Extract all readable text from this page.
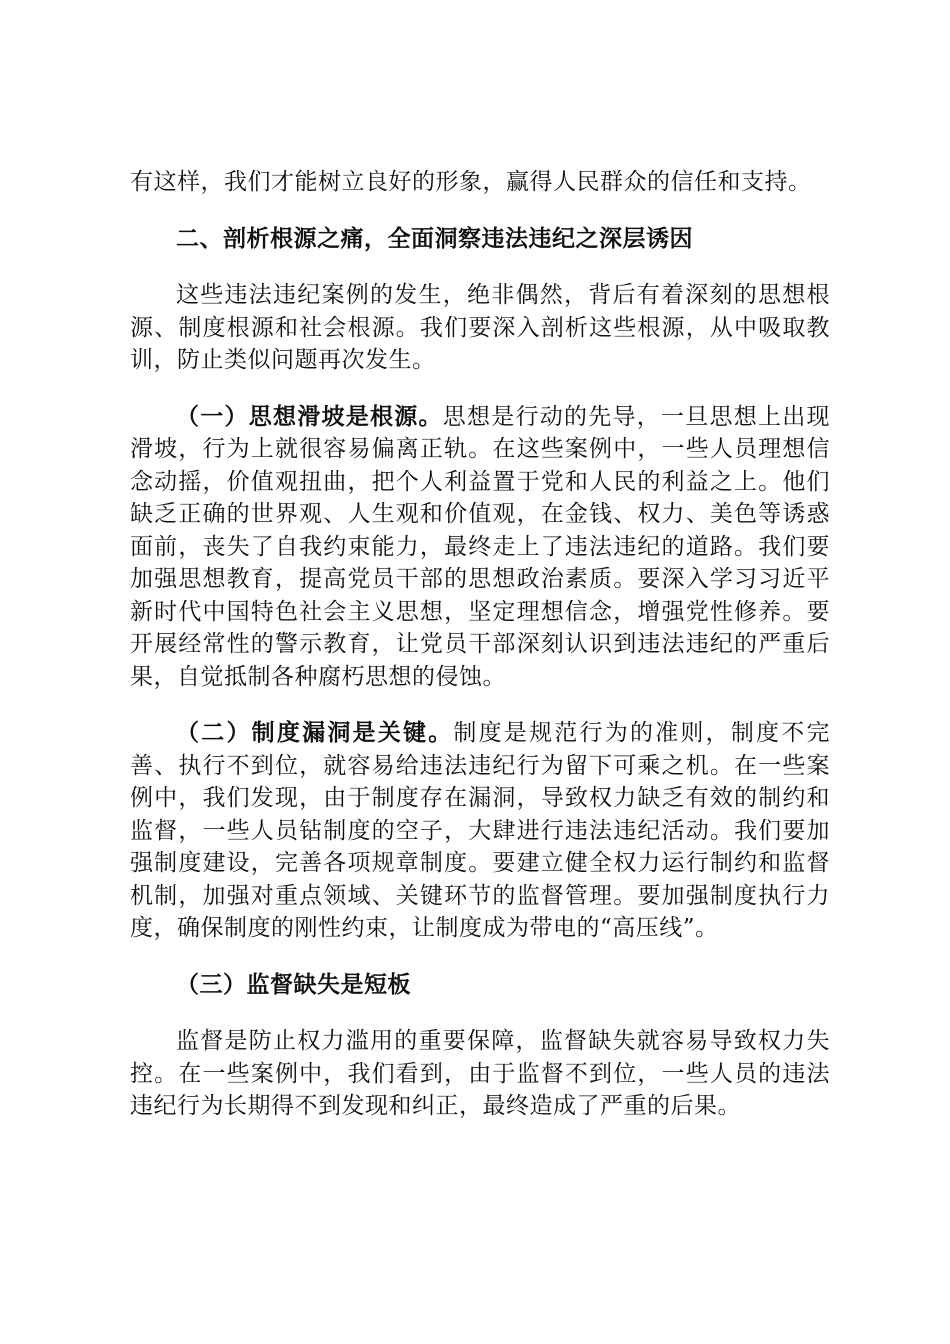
有这样，我们才能树立良好的形象，赢得人民群众的信任和支持。

二、剖析根源之痛，全面洞察违法违纪之深层诱因

这些违法违纪案例的发生，绝非偶然，背后有着深刻的思想根源、制度根源和社会根源。我们要深入剖析这些根源，从中吸取教训，防止类似问题再次发生。

（一）思想滑坡是根源。思想是行动的先导，一旦思想上出现滑坡，行为上就很容易偏离正轨。在这些案例中，一些人员理想信念动摇，价值观扭曲，把个人利益置于党和人民的利益之上。他们缺乏正确的世界观、人生观和价值观，在金钱、权力、美色等诱惑面前，丧失了自我约束能力，最终走上了违法违纪的道路。我们要加强思想教育，提高党员干部的思想政治素质。要深入学习习近平新时代中国特色社会主义思想，坚定理想信念，增强党性修养。要开展经常性的警示教育，让党员干部深刻认识到违法违纪的严重后果，自觉抵制各种腐朽思想的侵蚀。

（二）制度漏洞是关键。制度是规范行为的准则，制度不完善、执行不到位，就容易给违法违纪行为留下可乘之机。在一些案例中，我们发现，由于制度存在漏洞，导致权力缺乏有效的制约和监督，一些人员钻制度的空子，大肆进行违法违纪活动。我们要加强制度建设，完善各项规章制度。要建立健全权力运行制约和监督机制，加强对重点领域、关键环节的监督管理。要加强制度执行力度，确保制度的刚性约束，让制度成为带电的“高压线”。

（三）监督缺失是短板

监督是防止权力滥用的重要保障，监督缺失就容易导致权力失控。在一些案例中，我们看到，由于监督不到位，一些人员的违法违纪行为长期得不到发现和纠正，最终造成了严重的后果。
